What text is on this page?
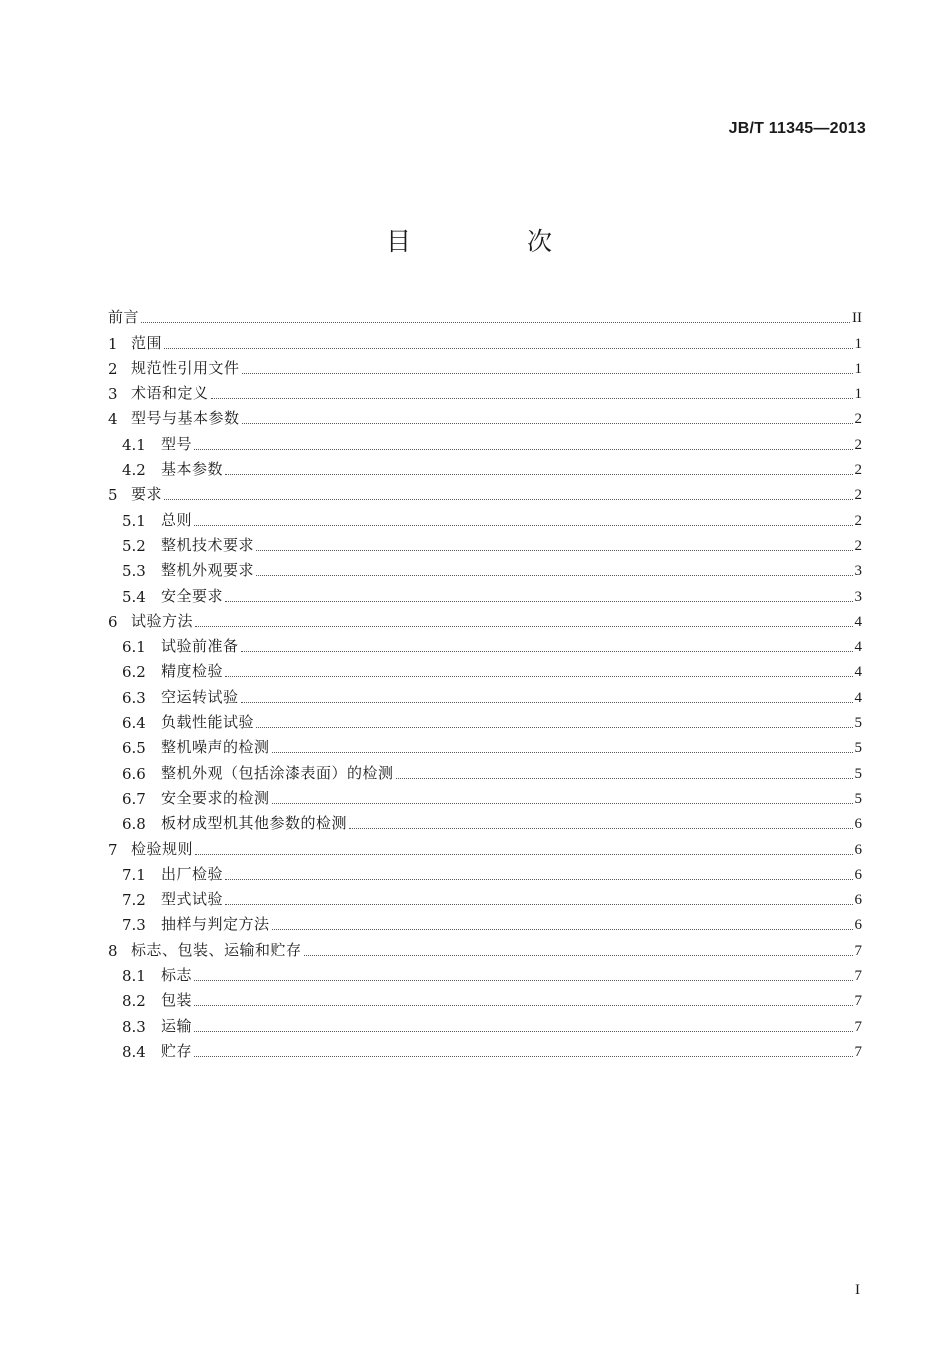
JB/T 11345—2013
目 次
前言	II
1 范围	1
2 规范性引用文件	1
3 术语和定义	1
4 型号与基本参数	2
4.1	型号	2
4.2	基本参数	2
5 要求	2
5.1	总则	2
5.2	整机技术要求	2
5.3	整机外观要求	3
5.4	安全要求	3
6 试验方法	4
6.1	试验前准备	4
6.2	精度检验	4
6.3	空运转试验	4
6.4	负载性能试验	5
6.5	整机噪声的检测	5
6.6	整机外观（包括涂漆表面）的检测	5
6.7	安全要求的检测	5
6.8	板材成型机其他参数的检测	6
7 检验规则	6
7.1	出厂检验	6
7.2	型式试验	6
7.3	抽样与判定方法	6
8 标志、包装、运输和贮存	7
8.1	标志	7
8.2	包装	7
8.3	运输	7
8.4	贮存	7
I
